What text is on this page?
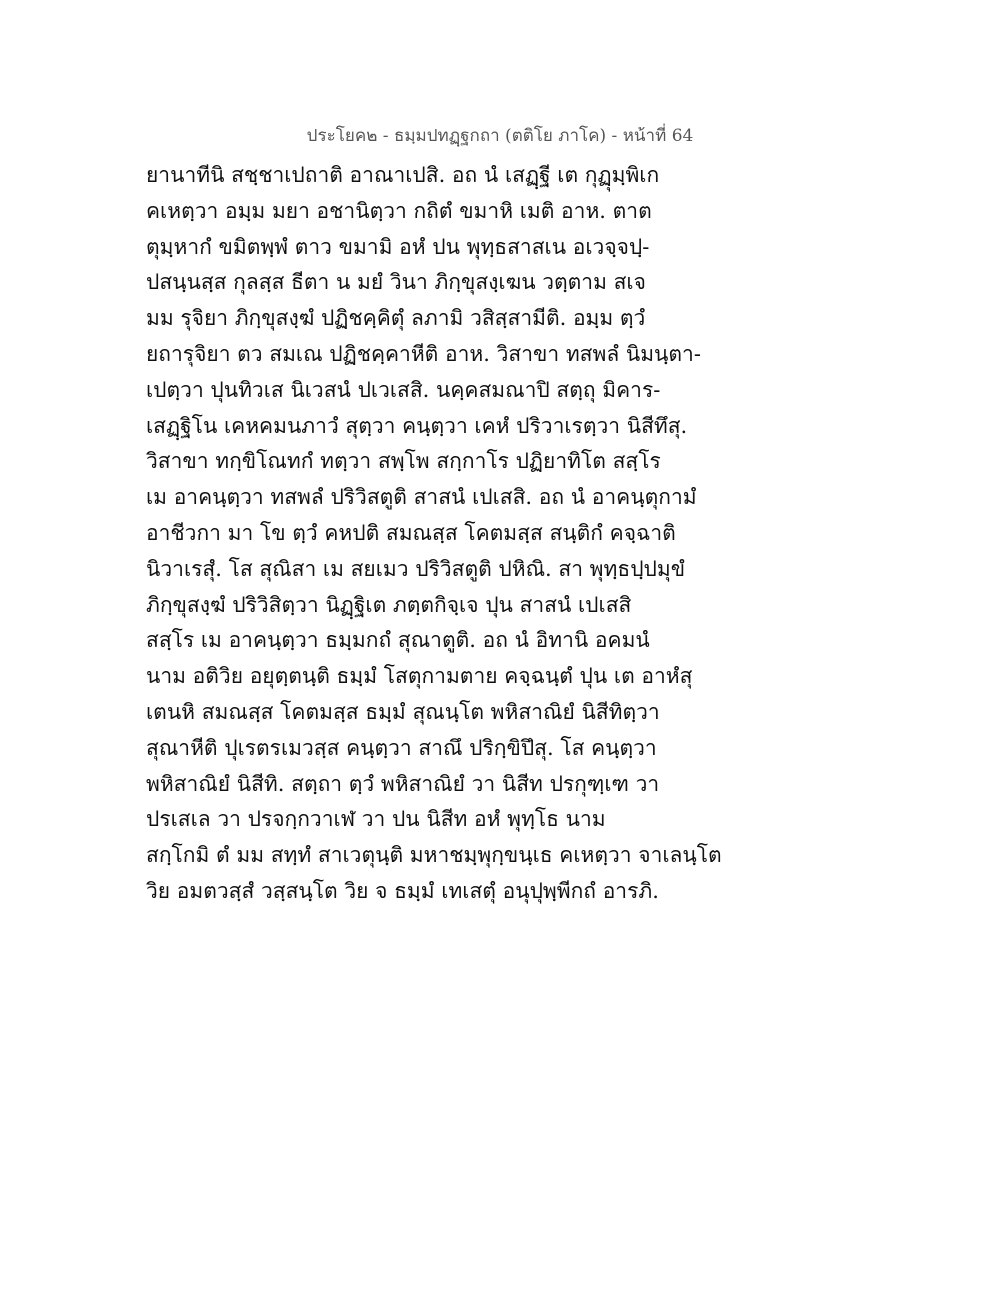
ประโยค๒ - ธมฺมปทฏฺฐกถา (ตติโย ภาโค) - หน้าที่ 64
ยานาทีนิ สชฺชาเปถาติ อาณาเปสิ. อถ นํ เสฏฺฐี เต กุฏุมฺพิเก
คเหตฺวา อมฺม มยา อชานิตฺวา กถิตํ ขมาหิ เมติ อาห. ตาต
ตุมฺหากํ ขมิตพฺพํ ตาว ขมามิ อหํ ปน พุทฺธสาสเน อเวจฺจปฺ-
ปสนฺนสฺส กุลสฺส ธีตา น มยํ วินา ภิกฺขุสงฺเฆน วตฺตาม สเจ
มม รุจิยา ภิกฺขุสงฺฆํ ปฏิชคฺคิตุํ ลภามิ วสิสฺสามีติ. อมฺม ตฺวํ
ยถารุจิยา ตว สมเณ ปฏิชคฺคาหีติ อาห. วิสาขา ทสพลํ นิมนฺตา-
เปตฺวา ปุนทิวเส นิเวสนํ ปเวเสสิ. นคฺคสมณาปิ สตฺถุ มิคาร-
เสฏฺฐิโน เคหคมนภาวํ สุตฺวา คนฺตฺวา เคหํ ปริวาเรตฺวา นิสีทึสุ.
วิสาขา ทกฺขิโณทกํ ทตฺวา สพฺโพ สกฺกาโร ปฏิยาทิโต สสฺโร
เม อาคนฺตฺวา ทสพลํ ปริวิสตูติ สาสนํ เปเสสิ. อถ นํ อาคนฺตุกามํ
อาชีวกา มา โข ตฺวํ คหปติ สมณสฺส โคตมสฺส สนฺติกํ คจฺฉาติ
นิวาเรสุํ. โส สุณิสา เม สยเมว ปริวิสตูติ ปหิณิ. สา พุทฺธปฺปมุขํ
ภิกฺขุสงฺฆํ ปริวิสิตฺวา นิฏฺฐิเต ภตฺตกิจฺเจ ปุน สาสนํ เปเสสิ
สสฺโร เม อาคนฺตฺวา ธมฺมกถํ สุณาตูติ. อถ นํ อิทานิ อคมนํ
นาม อติวิย อยุตฺตนฺติ ธมฺมํ โสตุกามตาย คจฺฉนฺตํ ปุน เต อาหํสุ
เตนหิ สมณสฺส โคตมสฺส ธมฺมํ สุณนฺโต พหิสาณิยํ นิสีทิตฺวา
สุณาหีติ ปุเรตรเมวสฺส คนฺตฺวา สาณึ ปริกฺขิปึสุ. โส คนฺตฺวา
พหิสาณิยํ นิสีทิ. สตฺถา ตฺวํ พหิสาณิยํ วา นิสีท ปรกุฑฺเฑ วา
ปรเสเล วา ปรจกฺกวาเฬ วา ปน นิสีท อหํ พุทฺโธ นาม
สกฺโกมิ ตํ มม สทฺทํ สาเวตุนฺติ มหาชมฺพุกฺขนฺเธ คเหตฺวา จาเลนฺโต
วิย อมตวสฺสํ วสฺสนฺโต วิย จ ธมฺมํ เทเสตุํ อนุปุพฺพีกถํ อารภิ.
